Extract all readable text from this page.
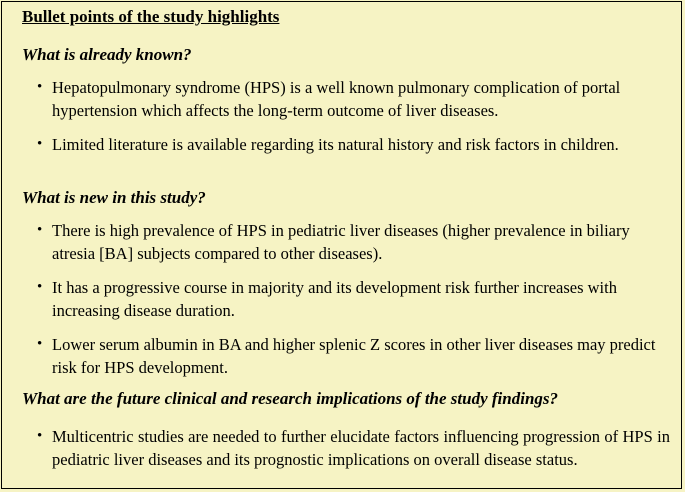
Bullet points of the study highlights
What is already known?
• Hepatopulmonary syndrome (HPS) is a well known pulmonary complication of portal hypertension which affects the long-term outcome of liver diseases.
• Limited literature is available regarding its natural history and risk factors in children.
What is new in this study?
• There is high prevalence of HPS in pediatric liver diseases (higher prevalence in biliary atresia [BA] subjects compared to other diseases).
• It has a progressive course in majority and its development risk further increases with increasing disease duration.
• Lower serum albumin in BA and higher splenic Z scores in other liver diseases may predict risk for HPS development.
What are the future clinical and research implications of the study findings?
• Multicentric studies are needed to further elucidate factors influencing progression of HPS in pediatric liver diseases and its prognostic implications on overall disease status.
